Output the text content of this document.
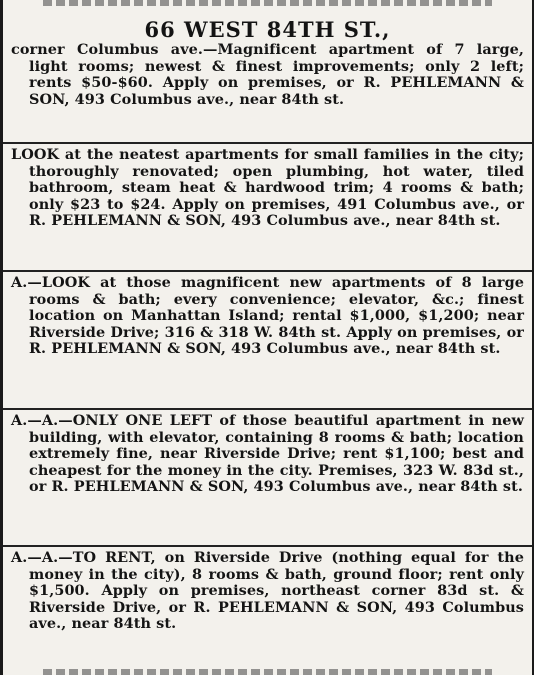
66 WEST 84TH ST.,

corner Columbus ave.—Magnificent apartment of 7 large, light rooms; newest & finest improvements; only 2 left; rents $50-$60. Apply on premises, or R. PEHLEMANN & SON, 493 Columbus ave., near 84th st.

LOOK at the neatest apartments for small families in the city; thoroughly renovated; open plumbing, hot water, tiled bathroom, steam heat & hardwood trim; 4 rooms & bath; only $23 to $24. Apply on premises, 491 Columbus ave., or R. PEHLEMANN & SON, 493 Columbus ave., near 84th st.

A.—LOOK at those magnificent new apartments of 8 large rooms & bath; every convenience; elevator, &c.; finest location on Manhattan Island; rental $1,000, $1,200; near Riverside Drive; 316 & 318 W. 84th st. Apply on premises, or R. PEHLEMANN & SON, 493 Columbus ave., near 84th st.

A.—A.—ONLY ONE LEFT of those beautiful apartment in new building, with elevator, containing 8 rooms & bath; location extremely fine, near Riverside Drive; rent $1,100; best and cheapest for the money in the city. Premises, 323 W. 83d st., or R. PEHLEMANN & SON, 493 Columbus ave., near 84th st.

A.—A.—TO RENT, on Riverside Drive (nothing equal for the money in the city), 8 rooms & bath, ground floor; rent only $1,500. Apply on premises, northeast corner 83d st. & Riverside Drive, or R. PEHLEMANN & SON, 493 Columbus ave., near 84th st.
